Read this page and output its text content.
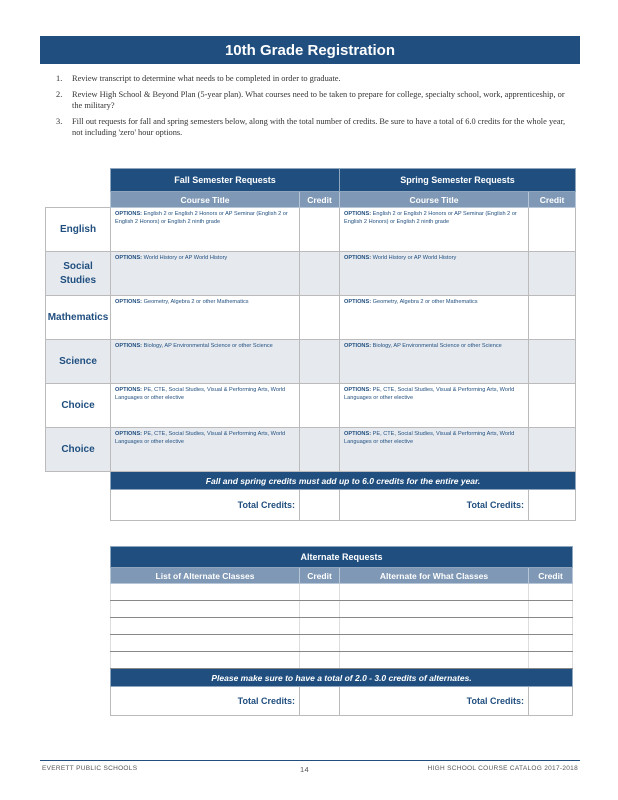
10th Grade Registration
1. Review transcript to determine what needs to be completed in order to graduate.
2. Review High School & Beyond Plan (5-year plan). What courses need to be taken to prepare for college, specialty school, work, apprenticeship, or the military?
3. Fill out requests for fall and spring semesters below, along with the total number of credits. Be sure to have a total of 6.0 credits for the whole year, not including 'zero' hour options.
	Fall Semester Requests		Spring Semester Requests	
	Course Title	Credit	Course Title	Credit
English	OPTIONS: English 2 or English 2 Honors or AP Seminar (English 2 or English 2 Honors) or English 2 ninth grade		OPTIONS: English 2 or English 2 Honors or AP Seminar (English 2 or English 2 Honors) or English 2 ninth grade	

Social Studies	OPTIONS: World History or AP World History		OPTIONS: World History or AP World History	

Mathematics	OPTIONS: Geometry, Algebra 2 or other Mathematics		OPTIONS: Geometry, Algebra 2 or other Mathematics	

Science	OPTIONS: Biology, AP Environmental Science or other Science		OPTIONS: Biology, AP Environmental Science or other Science	

Choice	OPTIONS: PE, CTE, Social Studies, Visual & Performing Arts, World Languages or other elective		OPTIONS: PE, CTE, Social Studies, Visual & Performing Arts, World Languages or other elective	

Choice	OPTIONS: PE, CTE, Social Studies, Visual & Performing Arts, World Languages or other elective		OPTIONS: PE, CTE, Social Studies, Visual & Performing Arts, World Languages or other elective	

	Fall and spring credits must add up to 6.0 credits for the entire year.			
	Total Credits:		Total Credits:	
Alternate Requests			
List of Alternate Classes	Credit	Alternate for What Classes	Credit

Please make sure to have a total of 2.0 - 3.0 credits of alternates.			
Total Credits:		Total Credits:	
EVERETT PUBLIC SCHOOLS	14	HIGH SCHOOL COURSE CATALOG 2017-2018
